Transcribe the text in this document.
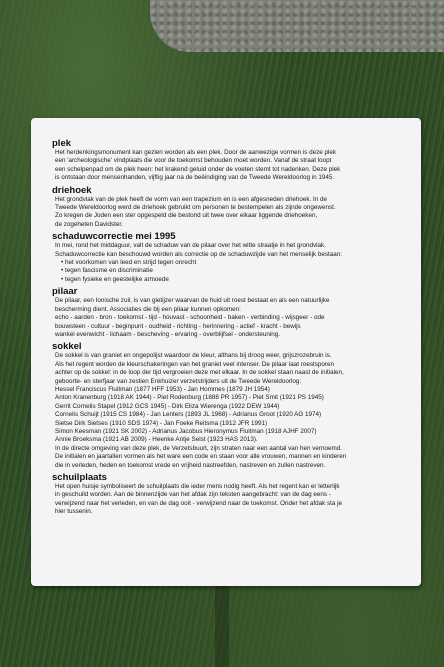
plek
Het herdenkingsmonument kan gezien worden als een plek. Door de aanwezige vormen is deze plek
een 'archeologische' vindplaats die voor de toekomst behouden moet worden. Vanaf de straat loopt
een schelpenpad om de plek heen: het krakend geluid onder de voeten stemt tot nadenken. Deze plek
is ontstaan door mensenhanden, vijftig jaar na de beëindiging van de Tweede Wereldoorlog in 1945.
driehoek
Het grondvlak van de plek heeft de vorm van een trapezium en is een afgesneden driehoek. In de
Tweede Wereldoorlog werd de driehoek gebruikt om personen te bestempelen als zijnde ongewenst.
Zo kregen de Joden een ster opgespeld die bestond uit twee over elkaar liggende driehoeken,
de zogeheten Davidster.
schaduwcorrectie mei 1995
In mei, rond het middaguur, valt de schaduw van de pilaar over het witte straatje in het grondvlak.
Schaduwcorrectie kan beschouwd worden als correctie op de schaduwzijde van het menselijk bestaan:
• het voorkomen van leed en strijd tegen onrecht
• tegen fascisme en discriminatie
• tegen fysieke en geestelijke armoede
pilaar
De pilaar, een Ionische zuil, is van gietijzer waarvan de huid uit roest bestaat en als een natuurlijke
bescherming dient. Associaties die bij een pilaar kunnen opkomen:
echo - aarden - bron - toekomst - tijd - houvast - schoonheid - baken - verbinding - wijsgeer - ode
bouwsteen - cultuur - beginpunt - oudheid - richting - herinnering - actief - kracht - bewijs
wankel evenwicht - lichaam - bescheving - ervaring - overblijfsel - ondersteuning.
sokkel
De sokkel is van graniet en ongepolijst waardoor de kleur, althans bij droog weer, grijszrozebruin is.
Als het regent worden de kleurschakeringen van het graniet veel intenser. De pilaar laat roestsporen
achter op de sokkel: in de loop der tijd vergroeien deze met elkaar. In de sokkel staan naast de initialen,
geboorte- en sterfjaar van zestien Enkhuizer verzetstrijders uit de Tweede Wereldoorlog:
Hessel Franciscus Fluitman (1877 HFF 1953) - Jan Hommes (1879 JH 1954)
Anton Kranenburg (1918 AK 1944) - Piet Rodenburg (1888 PR 1957) - Piet Smit (1921 PS 1945)
Gerrit Cornelis Stapel (1912 GCS 1945) - Dirk Eliza Wierenga (1922 DEW 1944)
Cornelis Schuijt (1915 CS 1984) - Jan Lenters (1893 JL 1968) - Adrianus Groot (1920 AG 1974)
Sietse Dirk Sietses (1910 SDS 1974) - Jan Foeke Reitsma (1912 JFR 1991)
Simon Keesman (1921 SK 2002) - Adrianus Jacobus Hieronymus Fluitman (1918 AJHF 2007)
Annie Broeksma (1921 AB 2009) - Heenke Antje Selst (1923 HAS 2013).
In de directe omgeving van deze plek, de Verzetsbuurt, zijn straten naar een aantal van hen vernoemd.
De initialen en jaartallen vormen als het ware een code en staan voor alle vrouwen, mannen en kinderen
die in verleden, heden en toekomst vrede en vrijheid nastreefden, nastreven en zullen nastreven.
schuilplaats
Het open huisje symboliseert de schuilplaats die ieder mens nodig heeft. Als het regent kan er letterlijk
in geschuild worden. Aan de binnenzijde van het afdak zijn teksten aangebracht: van de dag eens -
verwijzend naar het verleden, en van de dag ooit - verwijzend naar de toekomst. Onder het afdak sta je
hier tussenin.
